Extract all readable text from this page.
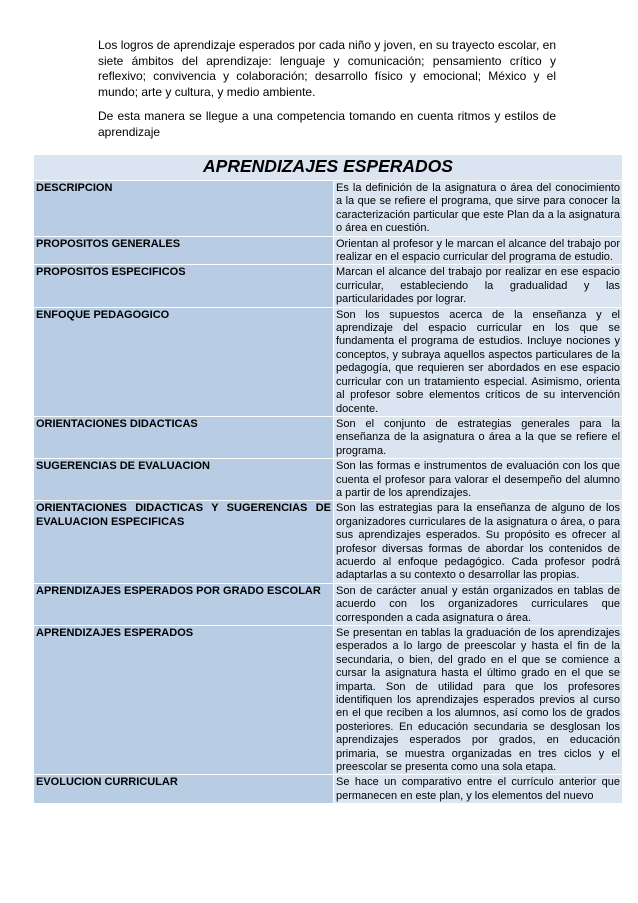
Los logros de aprendizaje esperados por cada niño y joven, en su trayecto escolar, en siete ámbitos del aprendizaje: lenguaje y comunicación; pensamiento crítico y reflexivo; convivencia y colaboración; desarrollo físico y emocional; México y el mundo; arte y cultura, y medio ambiente.

De esta manera se llegue a una competencia tomando en cuenta ritmos y estilos de aprendizaje

APRENDIZAJES ESPERADOS	
DESCRIPCION	Es la definición de la asignatura o área del conocimiento a la que se refiere el programa, que sirve para conocer la caracterización particular que este Plan da a la asignatura o área en cuestión.
PROPOSITOS GENERALES	Orientan al profesor y le marcan el alcance del trabajo por realizar en el espacio curricular del programa de estudio.
PROPOSITOS ESPECIFICOS	Marcan el alcance del trabajo por realizar en ese espacio curricular, estableciendo la gradualidad y las particularidades por lograr.
ENFOQUE PEDAGOGICO	Son los supuestos acerca de la enseñanza y el aprendizaje del espacio curricular en los que se fundamenta el programa de estudios. Incluye nociones y conceptos, y subraya aquellos aspectos particulares de la pedagogía, que requieren ser abordados en ese espacio curricular con un tratamiento especial. Asimismo, orienta al profesor sobre elementos críticos de su intervención docente.
ORIENTACIONES DIDACTICAS	Son el conjunto de estrategias generales para la enseñanza de la asignatura o área a la que se refiere el programa.
SUGERENCIAS DE EVALUACION	Son las formas e instrumentos de evaluación con los que cuenta el profesor para valorar el desempeño del alumno a partir de los aprendizajes.
ORIENTACIONES DIDACTICAS Y SUGERENCIAS DE EVALUACION ESPECIFICAS	Son las estrategias para la enseñanza de alguno de los organizadores curriculares de la asignatura o área, o para sus aprendizajes esperados. Su propósito es ofrecer al profesor diversas formas de abordar los contenidos de acuerdo al enfoque pedagógico. Cada profesor podrá adaptarlas a su contexto o desarrollar las propias.
APRENDIZAJES ESPERADOS POR GRADO ESCOLAR	Son de carácter anual y están organizados en tablas de acuerdo con los organizadores curriculares que corresponden a cada asignatura o área.
APRENDIZAJES ESPERADOS	Se presentan en tablas la graduación de los aprendizajes esperados a lo largo de preescolar y hasta el fin de la secundaria, o bien, del grado en el que se comience a cursar la asignatura hasta el último grado en el que se imparta. Son de utilidad para que los profesores identifiquen los aprendizajes esperados previos al curso en el que reciben a los alumnos, así como los de grados posteriores. En educación secundaria se desglosan los aprendizajes esperados por grados, en educación primaria, se muestra organizadas en tres ciclos y el preescolar se presenta como una sola etapa.
EVOLUCION CURRICULAR	Se hace un comparativo entre el currículo anterior que permanecen en este plan, y los elementos del nuevo
